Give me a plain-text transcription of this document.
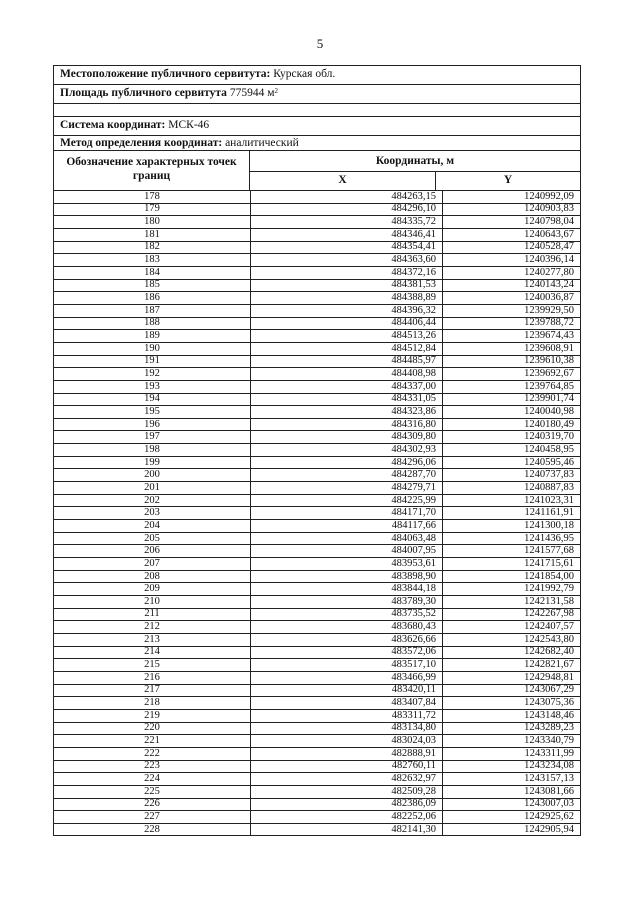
5
Местоположение публичного сервитута: Курская обл.
Площадь публичного сервитута 775944 $м^2$
Система координат: МСК-46
Метод определения координат: аналитический
Обозначение характерных точек границ
Координаты, м
X	Y
178	484263,15	1240992,09
179	484296,10	1240903,83
180	484335,72	1240798,04
181	484346,41	1240643,67
182	484354,41	1240528,47
183	484363,60	1240396,14
184	484372,16	1240277,80
185	484381,53	1240143,24
186	484388,89	1240036,87
187	484396,32	1239929,50
188	484406,44	1239788,72
189	484513,26	1239674,43
190	484512,84	1239608,91
191	484485,97	1239610,38
192	484408,98	1239692,67
193	484337,00	1239764,85
194	484331,05	1239901,74
195	484323,86	1240040,98
196	484316,80	1240180,49
197	484309,80	1240319,70
198	484302,93	1240458,95
199	484296,06	1240595,46
200	484287,70	1240737,83
201	484279,71	1240887,83
202	484225,99	1241023,31
203	484171,70	1241161,91
204	484117,66	1241300,18
205	484063,48	1241436,95
206	484007,95	1241577,68
207	483953,61	1241715,61
208	483898,90	1241854,00
209	483844,18	1241992,79
210	483789,30	1242131,58
211	483735,52	1242267,98
212	483680,43	1242407,57
213	483626,66	1242543,80
214	483572,06	1242682,40
215	483517,10	1242821,67
216	483466,99	1242948,81
217	483420,11	1243067,29
218	483407,84	1243075,36
219	483311,72	1243148,46
220	483134,80	1243289,23
221	483024,03	1243340,79
222	482888,91	1243311,99
223	482760,11	1243234,08
224	482632,97	1243157,13
225	482509,28	1243081,66
226	482386,09	1243007,03
227	482252,06	1242925,62
228	482141,30	1242905,94
